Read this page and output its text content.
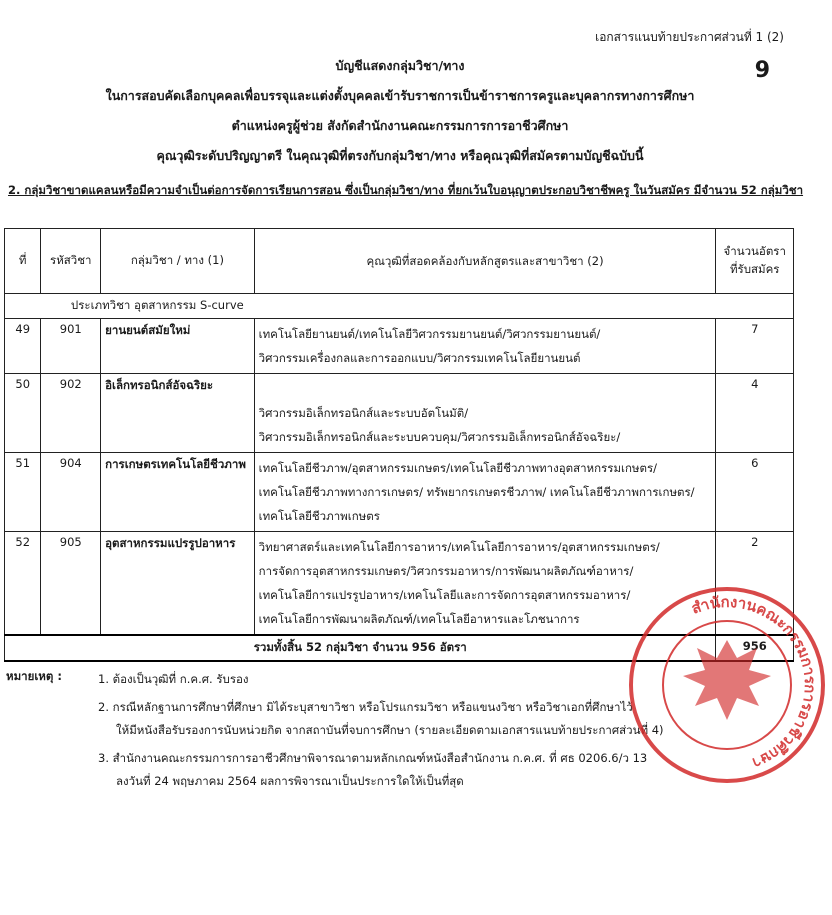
เอกสารแนบท้ายประกาศส่วนที่ 1 (2)
9
บัญชีแสดงกลุ่มวิชา/ทาง
ในการสอบคัดเลือกบุคคลเพื่อบรรจุและแต่งตั้งบุคคลเข้ารับราชการเป็นข้าราชการครูและบุคลากรทางการศึกษา
ตำแหน่งครูผู้ช่วย สังกัดสำนักงานคณะกรรมการการอาชีวศึกษา
คุณวุฒิระดับปริญญาตรี ในคุณวุฒิที่ตรงกับกลุ่มวิชา/ทาง หรือคุณวุฒิที่สมัครตามบัญชีฉบับนี้
2. กลุ่มวิชาขาดแคลนหรือมีความจำเป็นต่อการจัดการเรียนการสอน ซึ่งเป็นกลุ่มวิชา/ทาง ที่ยกเว้นใบอนุญาตประกอบวิชาชีพครู ในวันสมัคร มีจำนวน 52 กลุ่มวิชา
ที่	รหัสวิชา	กลุ่มวิชา / ทาง (1)	คุณวุฒิที่สอดคล้องกับหลักสูตรและสาขาวิชา (2)	จำนวนอัตรา ที่รับสมัคร
	ประเภทวิชา อุตสาหกรรม S-curve			
49	901	ยานยนต์สมัยใหม่	เทคโนโลยียานยนต์/เทคโนโลยีวิศวกรรมยานยนต์/วิศวกรรมยานยนต์/
วิศวกรรมเครื่องกลและการออกแบบ/วิศวกรรมเทคโนโลยียานยนต์	7
50	902	อิเล็กทรอนิกส์อัจฉริยะ	วิศวกรรมอิเล็กทรอนิกส์และระบบอัตโนมัติ/
วิศวกรรมอิเล็กทรอนิกส์และระบบควบคุม/วิศวกรรมอิเล็กทรอนิกส์อัจฉริยะ/	4
51	904	การเกษตรเทคโนโลยีชีวภาพ	เทคโนโลยีชีวภาพ/อุตสาหกรรมเกษตร/เทคโนโลยีชีวภาพทางอุตสาหกรรมเกษตร/
เทคโนโลยีชีวภาพทางการเกษตร/ ทรัพยากรเกษตรชีวภาพ/ เทคโนโลยีชีวภาพการเกษตร/
เทคโนโลยีชีวภาพเกษตร	6
52	905	อุตสาหกรรมแปรรูปอาหาร	วิทยาศาสตร์และเทคโนโลยีการอาหาร/เทคโนโลยีการอาหาร/อุตสาหกรรมเกษตร/
การจัดการอุตสาหกรรมเกษตร/วิศวกรรมอาหาร/การพัฒนาผลิตภัณฑ์อาหาร/
เทคโนโลยีการแปรรูปอาหาร/เทคโนโลยีและการจัดการอุตสาหกรรมอาหาร/
เทคโนโลยีการพัฒนาผลิตภัณฑ์/เทคโนโลยีอาหารและโภชนาการ	2
รวมทั้งสิ้น 52 กลุ่มวิชา จำนวน 956 อัตรา				956
หมายเหตุ :	1. ต้องเป็นวุฒิที่ ก.ค.ศ. รับรอง
2. กรณีหลักฐานการศึกษาที่ศึกษา มิได้ระบุสาขาวิชา หรือโปรแกรมวิชา หรือแขนงวิชา หรือวิชาเอกที่ศึกษาไว้
ให้มีหนังสือรับรองการนับหน่วยกิต จากสถาบันที่จบการศึกษา (รายละเอียดตามเอกสารแนบท้ายประกาศส่วนที่ 4)
3. สำนักงานคณะกรรมการการอาชีวศึกษาพิจารณาตามหลักเกณฑ์หนังสือสำนักงาน ก.ค.ศ. ที่ ศธ 0206.6/ว 13
ลงวันที่ 24 พฤษภาคม 2564 ผลการพิจารณาเป็นประการใดให้เป็นที่สุด
สำนักงานคณะกรรมการการอาชีวศึกษา
